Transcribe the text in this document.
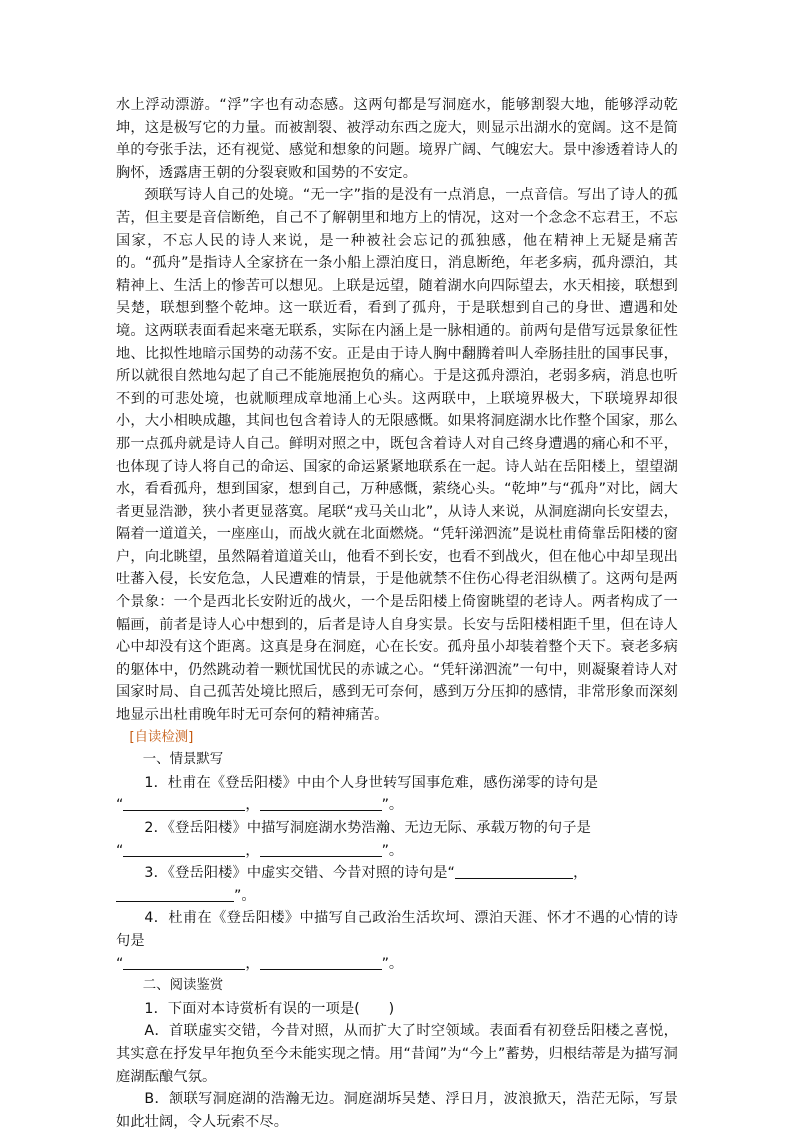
水上浮动漂游。“浮”字也有动态感。这两句都是写洞庭水，能够割裂大地，能够浮动乾坤，这是极写它的力量。而被割裂、被浮动东西之庞大，则显示出湖水的宽阔。这不是简单的夸张手法，还有视觉、感觉和想象的问题。境界广阔、气魄宏大。景中渗透着诗人的胸怀，透露唐王朝的分裂衰败和国势的不安定。

颈联写诗人自己的处境。“无一字”指的是没有一点消息，一点音信。写出了诗人的孤苦，但主要是音信断绝，自己不了解朝里和地方上的情况，这对一个念念不忘君王，不忘国家，不忘人民的诗人来说，是一种被社会忘记的孤独感，他在精神上无疑是痛苦的。“孤舟”是指诗人全家挤在一条小船上漂泊度日，消息断绝，年老多病，孤舟漂泊，其精神上、生活上的惨苦可以想见。上联是远望，随着湖水向四际望去，水天相接，联想到吴楚，联想到整个乾坤。这一联近看，看到了孤舟，于是联想到自己的身世、遭遇和处境。这两联表面看起来毫无联系，实际在内涵上是一脉相通的。前两句是借写远景象征性地、比拟性地暗示国势的动荡不安。正是由于诗人胸中翻腾着叫人牵肠挂肚的国事民事，所以就很自然地勾起了自己不能施展抱负的痛心。于是这孤舟漂泊，老弱多病，消息也听不到的可悲处境，也就顺理成章地涌上心头。这两联中，上联境界极大，下联境界却很小，大小相映成趣，其间也包含着诗人的无限感慨。如果将洞庭湖水比作整个国家，那么那一点孤舟就是诗人自己。鲜明对照之中，既包含着诗人对自己终身遭遇的痛心和不平，也体现了诗人将自己的命运、国家的命运紧紧地联系在一起。诗人站在岳阳楼上，望望湖水，看看孤舟，想到国家，想到自己，万种感慨，萦绕心头。“乾坤”与“孤舟”对比，阔大者更显浩渺，狭小者更显落寞。尾联“戎马关山北”，从诗人来说，从洞庭湖向长安望去，隔着一道道关，一座座山，而战火就在北面燃烧。“凭轩涕泗流”是说杜甫倚靠岳阳楼的窗户，向北眺望，虽然隔着道道关山，他看不到长安，也看不到战火，但在他心中却呈现出吐蕃入侵，长安危急，人民遭难的情景，于是他就禁不住伤心得老泪纵横了。这两句是两个景象：一个是西北长安附近的战火，一个是岳阳楼上倚窗眺望的老诗人。两者构成了一幅画，前者是诗人心中想到的，后者是诗人自身实景。长安与岳阳楼相距千里，但在诗人心中却没有这个距离。这真是身在洞庭，心在长安。孤舟虽小却装着整个天下。衰老多病的躯体中，仍然跳动着一颗忧国忧民的赤诚之心。“凭轩涕泗流”一句中，则凝聚着诗人对国家时局、自己孤苦处境比照后，感到无可奈何，感到万分压抑的感情，非常形象而深刻地显示出杜甫晚年时无可奈何的精神痛苦。

[自读检测]

一、情景默写

1．杜甫在《登岳阳楼》中由个人身世转写国事危难，感伤涕零的诗句是

“	，	”。

2．《登岳阳楼》中描写洞庭湖水势浩瀚、无边无际、承载万物的句子是

“	，	”。

3．《登岳阳楼》中虚实交错、今昔对照的诗句是“	，

”。

4．杜甫在《登岳阳楼》中描写自己政治生活坎坷、漂泊天涯、怀才不遇的心情的诗句是

“	，	”。

二、阅读鉴赏

1．下面对本诗赏析有误的一项是(　　)

A．首联虚实交错，今昔对照，从而扩大了时空领域。表面看有初登岳阳楼之喜悦，其实意在抒发早年抱负至今未能实现之情。用“昔闻”为“今上”蓄势，归根结蒂是为描写洞庭湖酝酿气氛。

B．颔联写洞庭湖的浩瀚无边。洞庭湖坼吴楚、浮日月，波浪掀天，浩茫无际，写景如此壮阔，令人玩索不尽。
